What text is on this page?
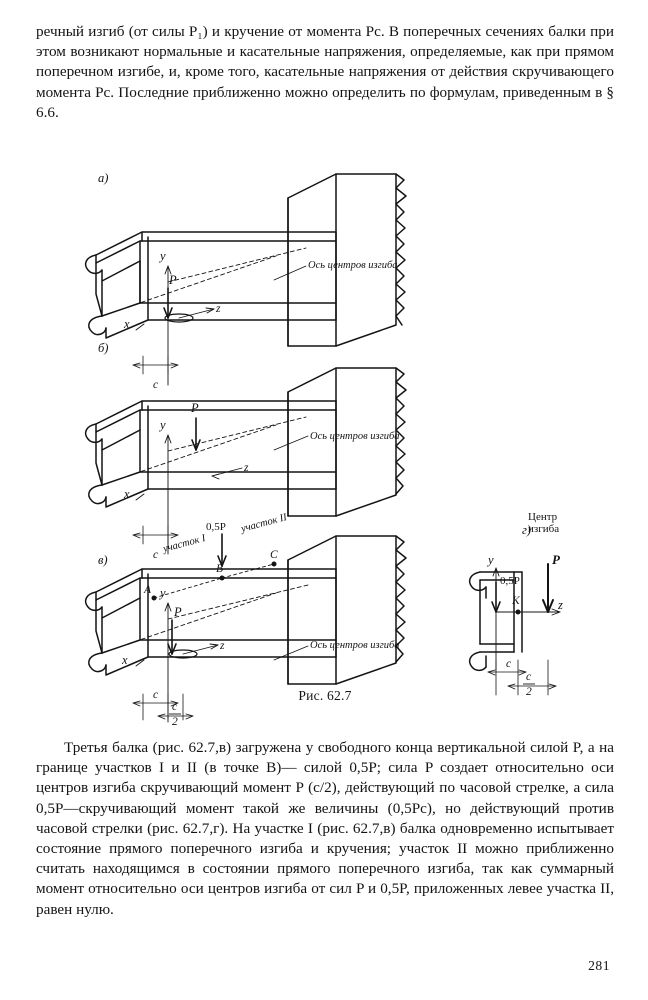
речный изгиб (от силы P₁) и кручение от момента Pc. В поперечных сечениях балки при этом возникают нормальные и касательные напряжения, определяемые, как при прямом поперечном изгибе, и, кроме того, касательные напряжения от действия скручивающего момента Pc. Последние приближенно можно определить по формулам, приведенным в § 6.6.

а)
y
P
z
x
c
Ось центров изгиба
б)
y
P
z
x
c
Ось центров изгиба
в)
y
P
z
x
A
B
C
0,5P
участок I
участок II
Ось центров изгиба
c
c
2
г)
Центр
изгиба
y
z
K
0,5P
P
c
c
2
Рис. 62.7

Третья балка (рис. 62.7,в) загружена у свободного конца вертикальной силой P, а на границе участков I и II (в точке B)— силой 0,5P; сила P создает относительно оси центров изгиба скручивающий момент P (c/2), действующий по часовой стрелке, а сила 0,5P—скручивающий момент такой же величины (0,5Pc), но действующий против часовой стрелки (рис. 62.7,г). На участке I (рис. 62.7,в) балка одновременно испытывает состояние прямого поперечного изгиба и кручения; участок II можно приближенно считать находящимся в состоянии прямого поперечного изгиба, так как суммарный момент относительно оси центров изгиба от сил P и 0,5P, приложенных левее участка II, равен нулю.

281
